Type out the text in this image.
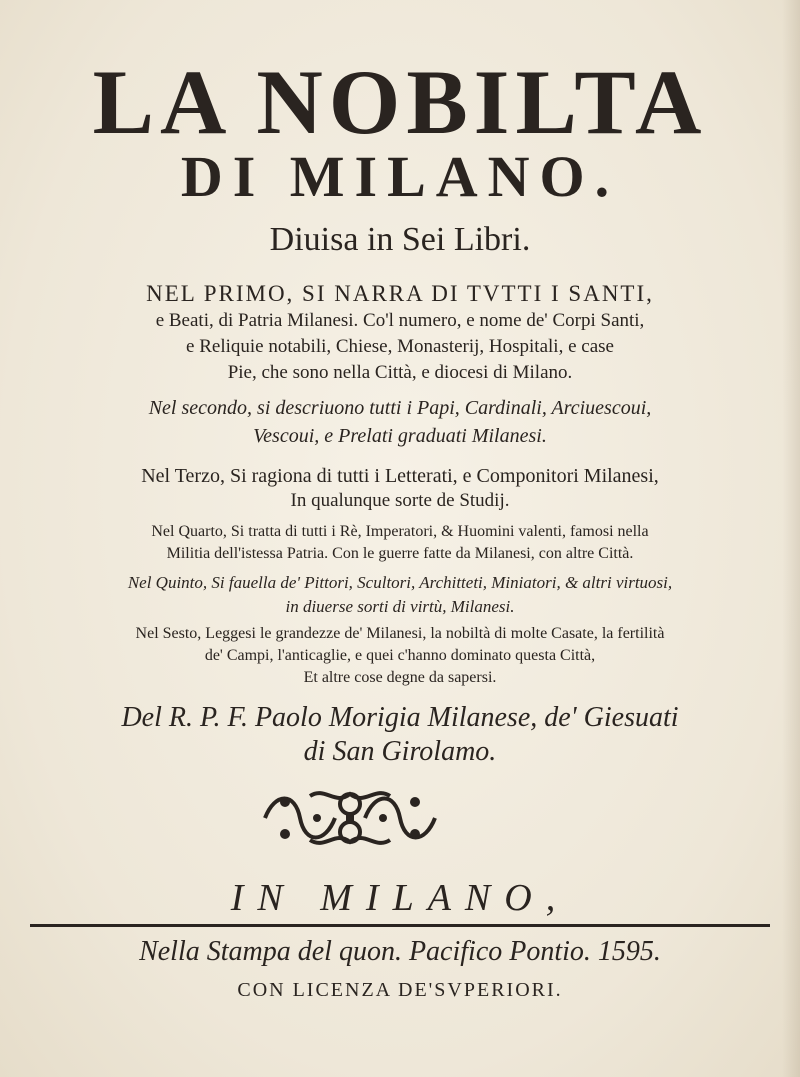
LA NOBILTA
DI MILANO.
Diuisa in Sei Libri.
NEL PRIMO, SI NARRA DI TVTTI I SANTI,
e Beati, di Patria Milanesi. Co'l numero, e nome de' Corpi Santi,
e Reliquie notabili, Chiese, Monasterij, Hospitali, e case
Pie, che sono nella Città, e diocesi di Milano.
Nel secondo, si descriuono tutti i Papi, Cardinali, Arciuescoui,
Vescoui, e Prelati graduati Milanesi.
Nel Terzo, Si ragiona di tutti i Letterati, e Componitori Milanesi,
In qualunque sorte de Studij.
Nel Quarto, Si tratta di tutti i Rè, Imperatori, & Huomini valenti, famosi nella
Militia dell'istessa Patria. Con le guerre fatte da Milanesi, con altre Città.
Nel Quinto, Si fauella de' Pittori, Scultori, Architteti, Miniatori, & altri virtuosi,
in diuerse sorti di virtù, Milanesi.
Nel Sesto, Leggesi le grandezze de' Milanesi, la nobiltà di molte Casate, la fertilità
de' Campi, l'anticaglie, e quei c'hanno dominato questa Città,
Et altre cose degne da sapersi.
Del R. P. F. Paolo Morigia Milanese, de' Giesuati
di San Girolamo.
IN MILANO,
Nella Stampa del quon. Pacifico Pontio. 1595.
CON LICENZA DE'SVPERIORI.
